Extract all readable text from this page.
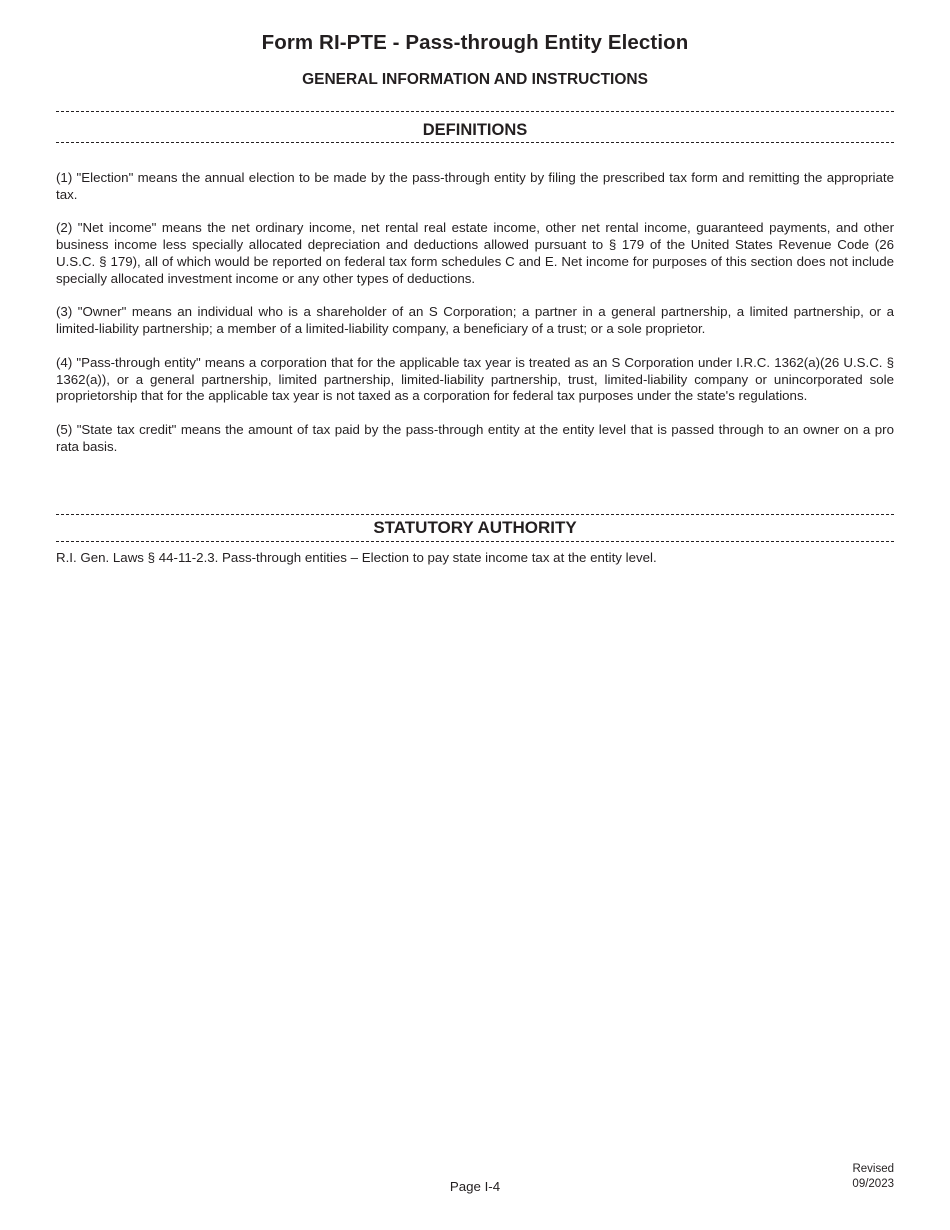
Form RI-PTE - Pass-through Entity Election
GENERAL INFORMATION AND INSTRUCTIONS
DEFINITIONS

(1) "Election" means the annual election to be made by the pass-through entity by filing the prescribed tax form and remitting the appropriate tax.

(2) "Net income" means the net ordinary income, net rental real estate income, other net rental income, guaranteed payments, and other business income less specially allocated depreciation and deductions allowed pursuant to § 179 of the United States Revenue Code (26 U.S.C. § 179), all of which would be reported on federal tax form schedules C and E. Net income for purposes of this section does not include specially allocated investment income or any other types of deductions.

(3) "Owner" means an individual who is a shareholder of an S Corporation; a partner in a general partnership, a limited partnership, or a limited-liability partnership; a member of a limited-liability company, a beneficiary of a trust; or a sole proprietor.

(4) "Pass-through entity" means a corporation that for the applicable tax year is treated as an S Corporation under I.R.C. 1362(a)(26 U.S.C. § 1362(a)), or a general partnership, limited partnership, limited-liability partnership, trust, limited-liability company or unincorporated sole proprietorship that for the applicable tax year is not taxed as a corporation for federal tax purposes under the state's regulations.

(5) "State tax credit" means the amount of tax paid by the pass-through entity at the entity level that is passed through to an owner on a pro rata basis.

STATUTORY AUTHORITY
R.I. Gen. Laws § 44-11-2.3. Pass-through entities – Election to pay state income tax at the entity level.
Page I-4
Revised
09/2023
